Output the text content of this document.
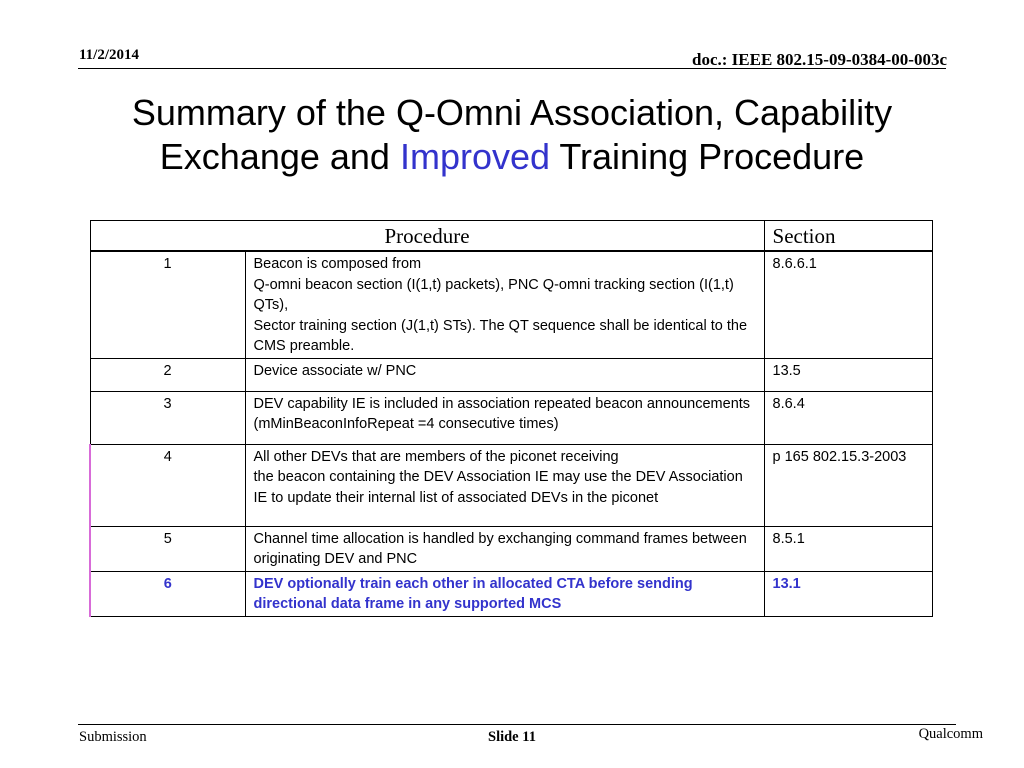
11/2/2014	doc.: IEEE 802.15-09-0384-00-003c
Summary of the Q-Omni Association, Capability
Exchange and Improved Training Procedure
Procedure		Section
1	Beacon is composed from
Q-omni beacon section (I(1,t) packets), PNC Q-omni tracking section (I(1,t) QTs),
Sector training section (J(1,t) STs). The QT sequence shall be identical to the CMS preamble.	8.6.6.1
2	Device associate w/ PNC	13.5
3	DEV capability IE is included in association repeated beacon announcements (mMinBeaconInfoRepeat =4 consecutive times)	8.6.4
4	All other DEVs that are members of the piconet receiving
the beacon containing the DEV Association IE may use the DEV Association IE to update their internal list of associated DEVs in the piconet	p 165 802.15.3-2003
5	Channel time allocation is handled by exchanging command frames between originating DEV and PNC	8.5.1
6	DEV optionally train each other in allocated CTA before sending directional data frame in any supported MCS	13.1
Submission	Slide 11	Qualcomm
